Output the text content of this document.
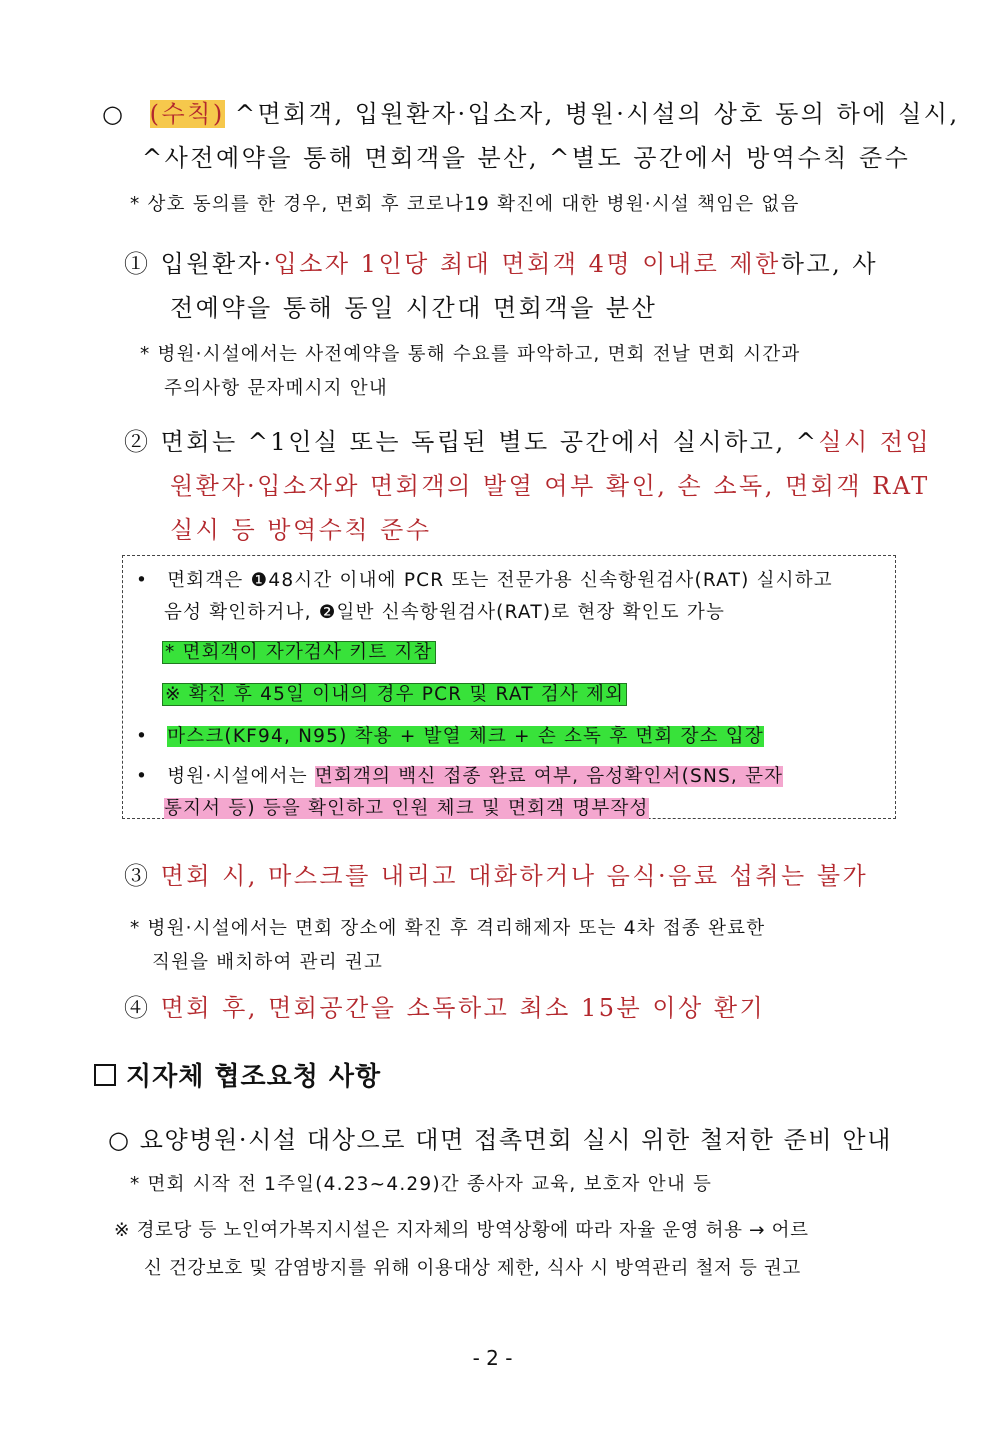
○ (수칙) ^면회객, 입원환자·입소자, 병원·시설의 상호 동의 하에 실시,
^사전예약을 통해 면회객을 분산, ^별도 공간에서 방역수칙 준수
* 상호 동의를 한 경우, 면회 후 코로나19 확진에 대한 병원·시설 책임은 없음
① 입원환자·입소자 1인당 최대 면회객 4명 이내로 제한하고, 사
전예약을 통해 동일 시간대 면회객을 분산
* 병원·시설에서는 사전예약을 통해 수요를 파악하고, 면회 전날 면회 시간과
주의사항 문자메시지 안내
② 면회는 ^1인실 또는 독립된 별도 공간에서 실시하고, ^실시 전입
원환자·입소자와 면회객의 발열 여부 확인, 손 소독, 면회객 RAT
실시 등 방역수칙 준수
• 면회객은 ❶48시간 이내에 PCR 또는 전문가용 신속항원검사(RAT) 실시하고
음성 확인하거나, ❷일반 신속항원검사(RAT)로 현장 확인도 가능
* 면회객이 자가검사 키트 지참
※ 확진 후 45일 이내의 경우 PCR 및 RAT 검사 제외
• 마스크(KF94, N95) 착용 + 발열 체크 + 손 소독 후 면회 장소 입장
• 병원·시설에서는 면회객의 백신 접종 완료 여부, 음성확인서(SNS, 문자
통지서 등) 등을 확인하고 인원 체크 및 면회객 명부작성
③ 면회 시, 마스크를 내리고 대화하거나 음식·음료 섭취는 불가
* 병원·시설에서는 면회 장소에 확진 후 격리해제자 또는 4차 접종 완료한
직원을 배치하여 관리 권고
④ 면회 후, 면회공간을 소독하고 최소 15분 이상 환기
지자체 협조요청 사항
○ 요양병원·시설 대상으로 대면 접촉면회 실시 위한 철저한 준비 안내
* 면회 시작 전 1주일(4.23~4.29)간 종사자 교육, 보호자 안내 등
※ 경로당 등 노인여가복지시설은 지자체의 방역상황에 따라 자율 운영 허용 → 어르
신 건강보호 및 감염방지를 위해 이용대상 제한, 식사 시 방역관리 철저 등 권고
- 2 -
